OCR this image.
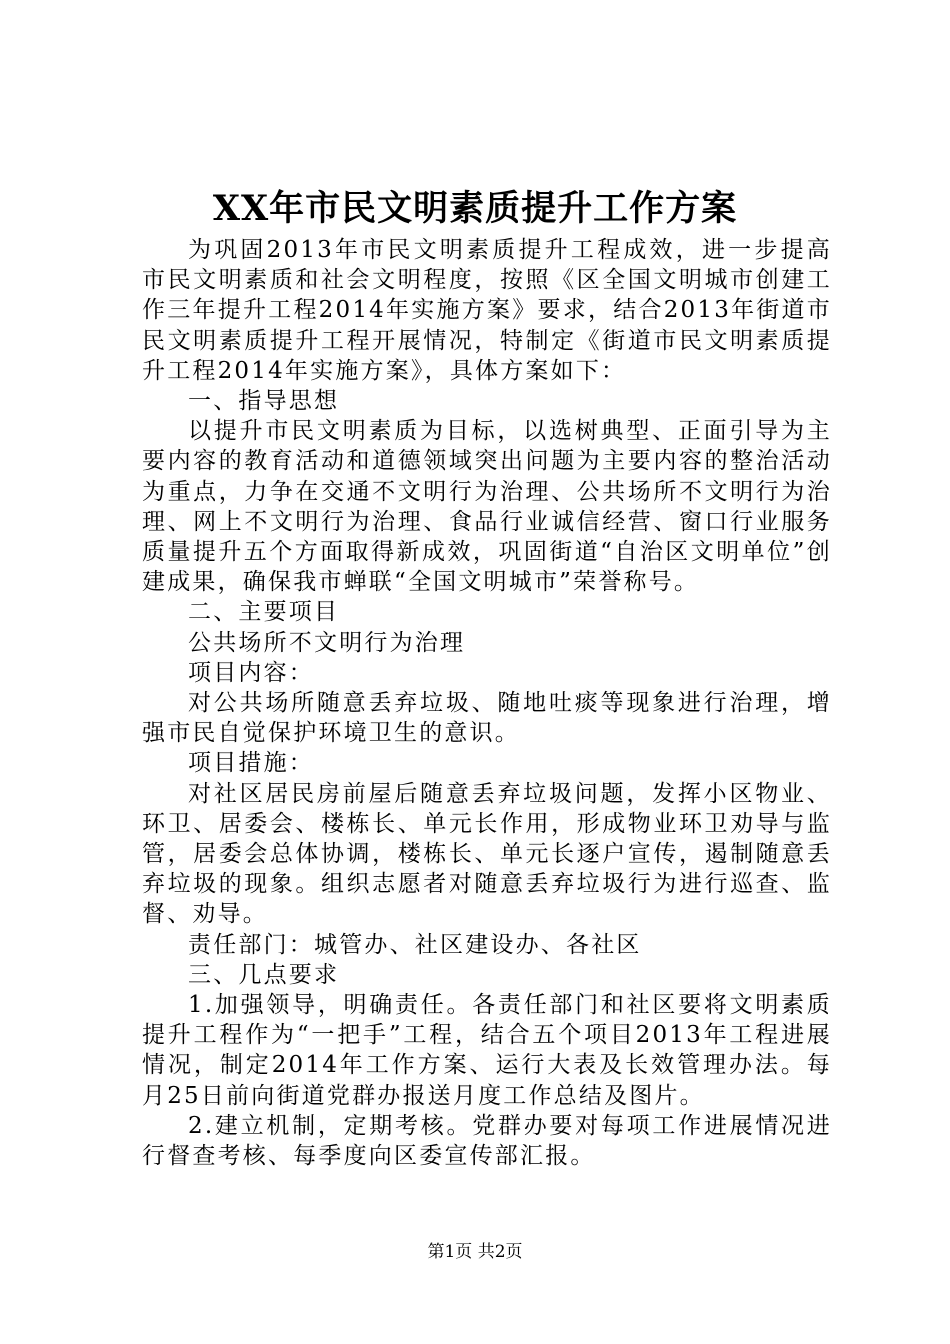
XX年市民文明素质提升工作方案

为巩固2013年市民文明素质提升工程成效，进一步提高市民文明素质和社会文明程度，按照《区全国文明城市创建工作三年提升工程2014年实施方案》要求，结合2013年街道市民文明素质提升工程开展情况，特制定《街道市民文明素质提升工程2014年实施方案》，具体方案如下：

一、指导思想

以提升市民文明素质为目标，以选树典型、正面引导为主要内容的教育活动和道德领域突出问题为主要内容的整治活动为重点，力争在交通不文明行为治理、公共场所不文明行为治理、网上不文明行为治理、食品行业诚信经营、窗口行业服务质量提升五个方面取得新成效，巩固街道“自治区文明单位”创建成果，确保我市蝉联“全国文明城市”荣誉称号。

二、主要项目

公共场所不文明行为治理

项目内容：

对公共场所随意丢弃垃圾、随地吐痰等现象进行治理，增强市民自觉保护环境卫生的意识。

项目措施：

对社区居民房前屋后随意丢弃垃圾问题，发挥小区物业、环卫、居委会、楼栋长、单元长作用，形成物业环卫劝导与监管，居委会总体协调，楼栋长、单元长逐户宣传，遏制随意丢弃垃圾的现象。组织志愿者对随意丢弃垃圾行为进行巡查、监督、劝导。

责任部门：城管办、社区建设办、各社区

三、几点要求

1.加强领导，明确责任。各责任部门和社区要将文明素质提升工程作为“一把手”工程，结合五个项目2013年工程进展情况，制定2014年工作方案、运行大表及长效管理办法。每月25日前向街道党群办报送月度工作总结及图片。

2.建立机制，定期考核。党群办要对每项工作进展情况进行督查考核、每季度向区委宣传部汇报。

第1页 共2页
